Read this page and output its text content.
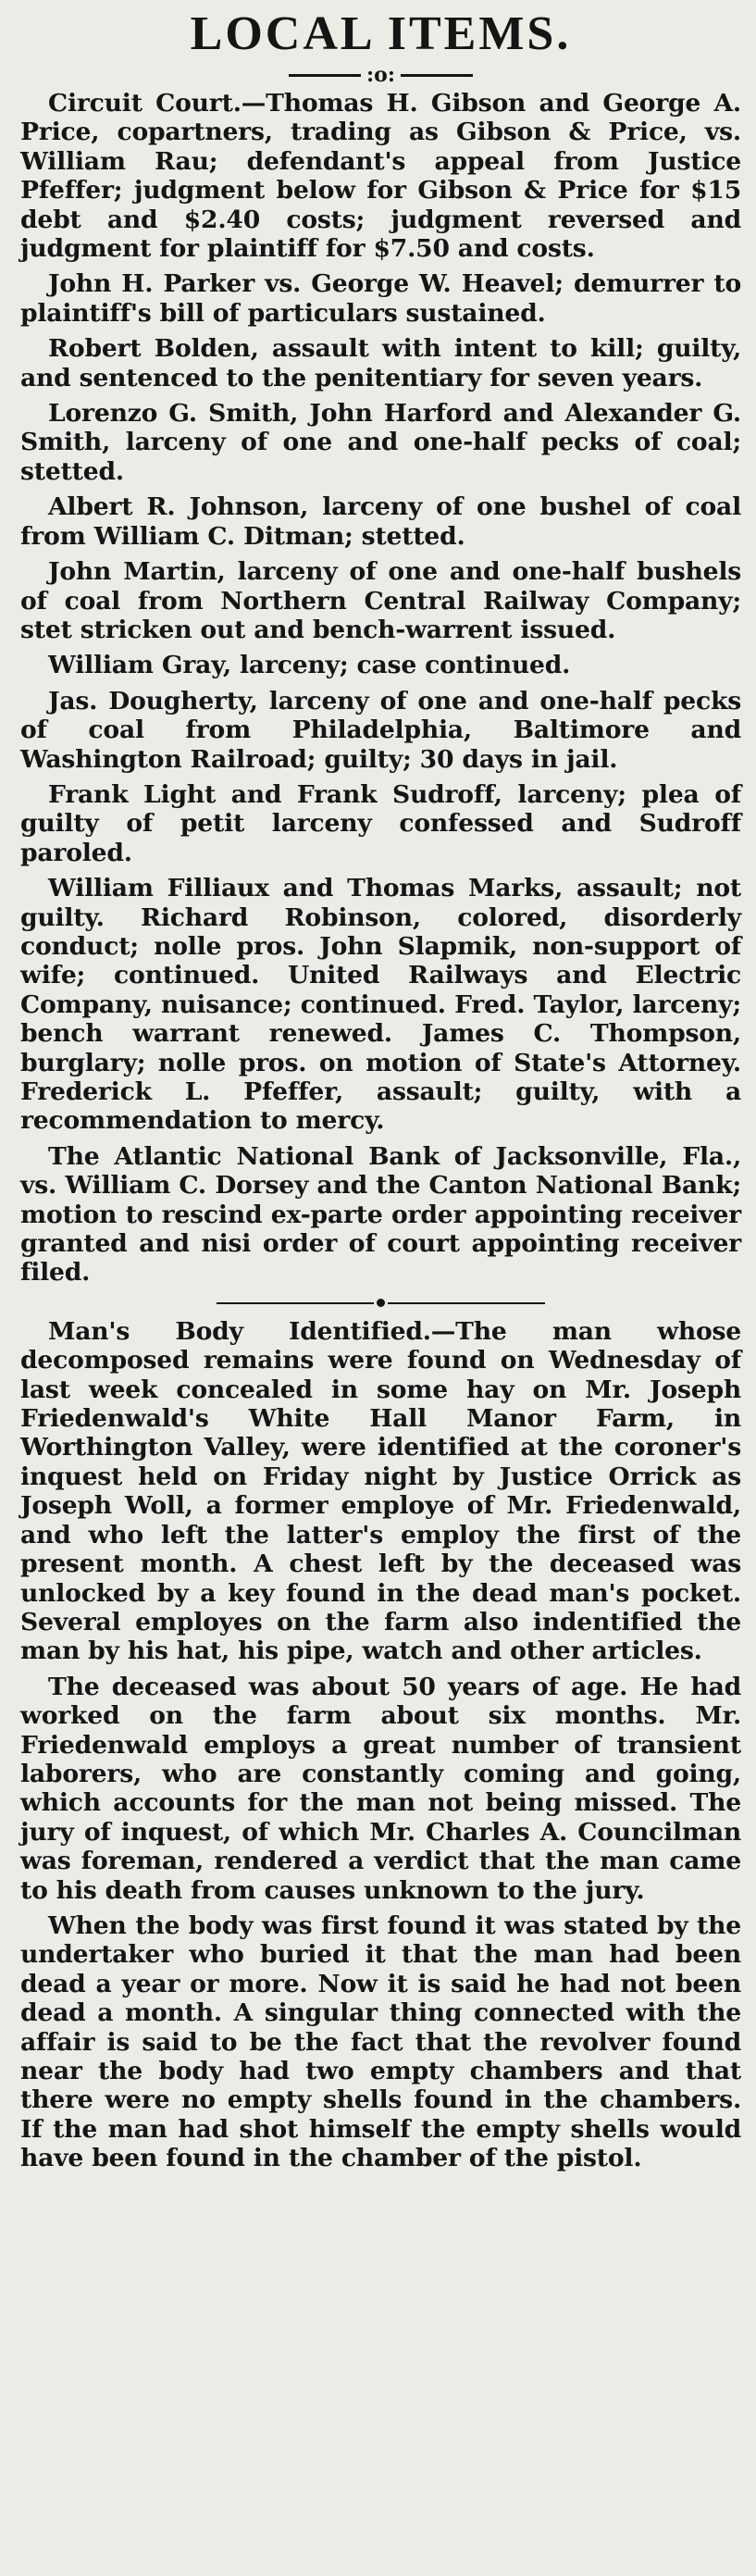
LOCAL ITEMS.
:o:

Circuit Court.—Thomas H. Gibson and George A. Price, copartners, trading as Gibson & Price, vs. William Rau; defendant's appeal from Justice Pfeffer; judgment below for Gibson & Price for $15 debt and $2.40 costs; judgment reversed and judgment for plaintiff for $7.50 and costs.

John H. Parker vs. George W. Heavel; demurrer to plaintiff's bill of particulars sustained.

Robert Bolden, assault with intent to kill; guilty, and sentenced to the penitentiary for seven years.

Lorenzo G. Smith, John Harford and Alexander G. Smith, larceny of one and one-half pecks of coal; stetted.

Albert R. Johnson, larceny of one bushel of coal from William C. Ditman; stetted.

John Martin, larceny of one and one-half bushels of coal from Northern Central Railway Company; stet stricken out and bench-warrent issued.

William Gray, larceny; case continued.

Jas. Dougherty, larceny of one and one-half pecks of coal from Philadelphia, Baltimore and Washington Railroad; guilty; 30 days in jail.

Frank Light and Frank Sudroff, larceny; plea of guilty of petit larceny confessed and Sudroff paroled.

William Filliaux and Thomas Marks, assault; not guilty. Richard Robinson, colored, disorderly conduct; nolle pros. John Slapmik, non-support of wife; continued. United Railways and Electric Company, nuisance; continued. Fred. Taylor, larceny; bench warrant renewed. James C. Thompson, burglary; nolle pros. on motion of State's Attorney. Frederick L. Pfeffer, assault; guilty, with a recommendation to mercy.

The Atlantic National Bank of Jacksonville, Fla., vs. William C. Dorsey and the Canton National Bank; motion to rescind ex-parte order appointing receiver granted and nisi order of court appointing receiver filed.

Man's Body Identified.—The man whose decomposed remains were found on Wednesday of last week concealed in some hay on Mr. Joseph Friedenwald's White Hall Manor Farm, in Worthington Valley, were identified at the coroner's inquest held on Friday night by Justice Orrick as Joseph Woll, a former employe of Mr. Friedenwald, and who left the latter's employ the first of the present month. A chest left by the deceased was unlocked by a key found in the dead man's pocket. Several employes on the farm also indentified the man by his hat, his pipe, watch and other articles.

The deceased was about 50 years of age. He had worked on the farm about six months. Mr. Friedenwald employs a great number of transient laborers, who are constantly coming and going, which accounts for the man not being missed. The jury of inquest, of which Mr. Charles A. Councilman was foreman, rendered a verdict that the man came to his death from causes unknown to the jury.

When the body was first found it was stated by the undertaker who buried it that the man had been dead a year or more. Now it is said he had not been dead a month. A singular thing connected with the affair is said to be the fact that the revolver found near the body had two empty chambers and that there were no empty shells found in the chambers. If the man had shot himself the empty shells would have been found in the chamber of the pistol.
